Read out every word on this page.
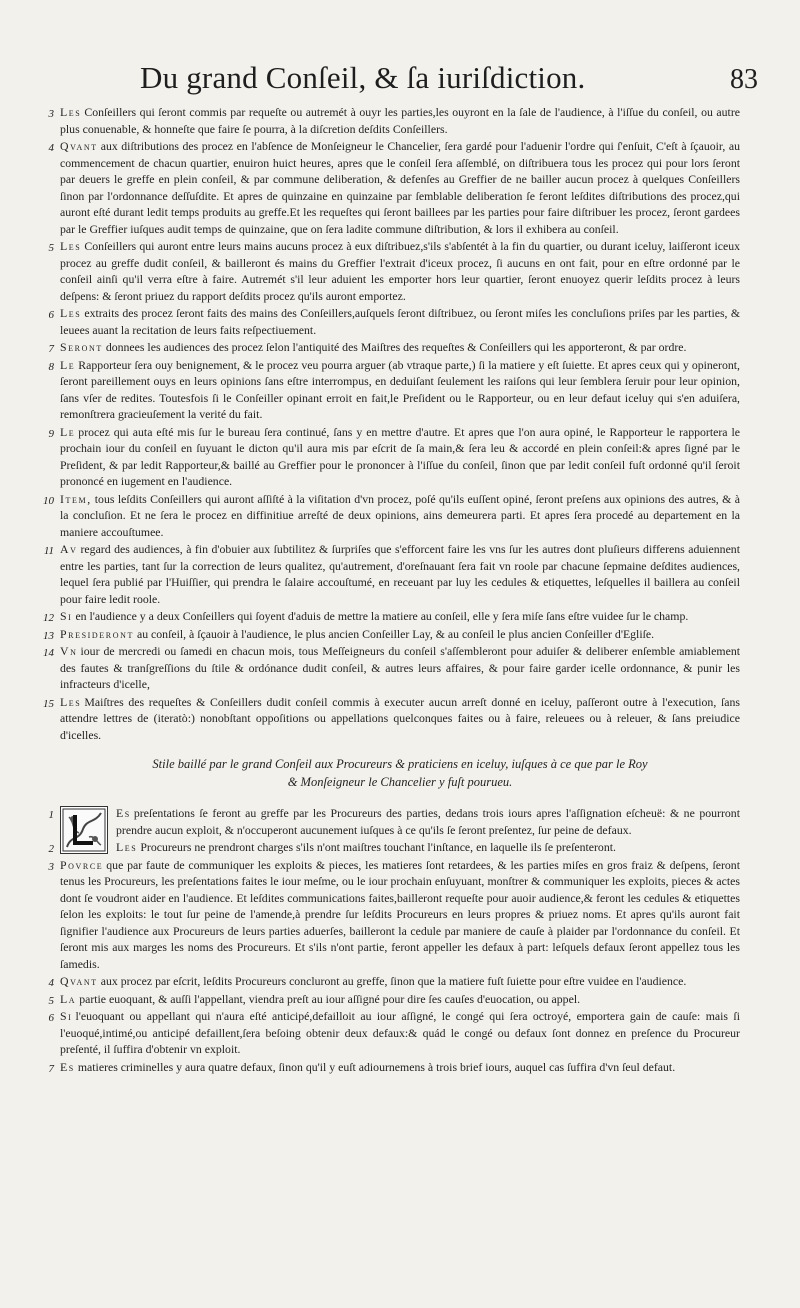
Du grand Conſeil, & ſa iuriſdiction.	83
3 Les Conſeillers qui ſeront commis par requeſte ou autremét à ouyr les parties,les ouyront en la ſale de l'audience, à l'iſſue du conſeil, ou autre plus conuenable, & honneſte que faire ſe pourra, à la diſcretion deſdits Conſeillers.
4 Qvant aux diſtributions des procez en l'abſence de Monſeigneur le Chancelier, ſera gardé pour l'aduenir l'ordre qui ſ'enſuit, C'eſt à ſçauoir, au commencement de chacun quartier, enuiron huict heures, apres que le conſeil ſera aſſemblé, on diſtribuera tous les procez qui pour lors ſeront par deuers le greffe en plein conſeil, & par commune deliberation, & defenſes au Greffier de ne bailler aucun procez à quelques Conſeillers ſinon par l'ordonnance deſſuſdite. Et apres de quinzaine en quinzaine par ſemblable deliberation ſe feront leſdites diſtributions des procez,qui auront eſté durant ledit temps produits au greffe.Et les requeſtes qui ſeront baillees par les parties pour faire diſtribuer les procez, ſeront gardees par le Greffier iuſques audit temps de quinzaine, que on ſera ladite commune diſtribution, & lors il exhibera au conſeil.
5 Les Conſeillers qui auront entre leurs mains aucuns procez à eux diſtribuez,s'ils s'abſentét à la fin du quartier, ou durant iceluy, laiſſeront iceux procez au greffe dudit conſeil, & bailleront és mains du Greffier l'extrait d'iceux procez, ſi aucuns en ont fait, pour en eſtre ordonné par le conſeil ainſi qu'il verra eſtre à faire. Autremét s'il leur aduient les emporter hors leur quartier, ſeront enuoyez querir leſdits procez à leurs deſpens: & ſeront priuez du rapport deſdits procez qu'ils auront emportez.
6 Les extraits des procez ſeront faits des mains des Conſeillers,auſquels ſeront diſtribuez, ou ſeront miſes les concluſions priſes par les parties, & leuees auant la recitation de leurs faits reſpectiuement.
7 Seront donnees les audiences des procez ſelon l'antiquité des Maiſtres des requeſtes & Conſeillers qui les apporteront, & par ordre.
8 Le Rapporteur ſera ouy benignement, & le procez veu pourra arguer (ab vtraque parte,) ſi la matiere y eſt ſuiette. Et apres ceux qui y opineront, ſeront pareillement ouys en leurs opinions ſans eſtre interrompus, en deduiſant ſeulement les raiſons qui leur ſemblera ſeruir pour leur opinion, ſans vſer de redites. Toutesfois ſi le Conſeiller opinant erroit en fait,le Preſident ou le Rapporteur, ou en leur defaut iceluy qui s'en aduiſera, remonſtrera gracieuſement la verité du fait.
9 Le procez qui auta eſté mis ſur le bureau ſera continué, ſans y en mettre d'autre. Et apres que l'on aura opiné, le Rapporteur le rapportera le prochain iour du conſeil en ſuyuant le dicton qu'il aura mis par eſcrit de ſa main,& ſera leu & accordé en plein conſeil:& apres ſigné par le Preſident, & par ledit Rapporteur,& baillé au Greffier pour le prononcer à l'iſſue du conſeil, ſinon que par ledit conſeil fuſt ordonné qu'il ſeroit prononcé en iugement en l'audience.
10 Item, tous leſdits Conſeillers qui auront aſſiſté à la viſitation d'vn procez, poſé qu'ils euſſent opiné, ſeront preſens aux opinions des autres, & à la concluſion. Et ne ſera le procez en diffinitiue arreſté de deux opinions, ains demeurera parti. Et apres ſera procedé au departement en la maniere accouſtumee.
11 Av regard des audiences, à fin d'obuier aux ſubtilitez & ſurpriſes que s'efforcent faire les vns ſur les autres dont pluſieurs differens aduiennent entre les parties, tant ſur la correction de leurs qualitez, qu'autrement, d'oreſnauant ſera fait vn roole par chacune ſepmaine deſdites audiences, lequel ſera publié par l'Huiſſier, qui prendra le ſalaire accouſtumé, en receuant par luy les cedules & etiquettes, leſquelles il baillera au conſeil pour faire ledit roole.
12 Si en l'audience y a deux Conſeillers qui ſoyent d'aduis de mettre la matiere au conſeil, elle y ſera miſe ſans eſtre vuidee ſur le champ.
13 Presideront au conſeil, à ſçauoir à l'audience, le plus ancien Conſeiller Lay, & au conſeil le plus ancien Conſeiller d'Egliſe.
14 Vn iour de mercredi ou ſamedi en chacun mois, tous Meſſeigneurs du conſeil s'aſſembleront pour aduiſer & deliberer enſemble amiablement des fautes & tranſgreſſions du ſtile & ordónance dudit conſeil, & autres leurs affaires, & pour faire garder icelle ordonnance, & punir les infracteurs d'icelle,
15 Les Maiſtres des requeſtes & Conſeillers dudit conſeil commis à executer aucun arreſt donné en iceluy, paſſeront outre à l'execution, ſans attendre lettres de (iteratò:) nonobſtant oppoſitions ou appellations quelconques faites ou à faire, releuees ou à releuer, & ſans preiudice d'icelles.
Stile baillé par le grand Conſeil aux Procureurs & praticiens en iceluy, iuſques à ce que par le Roy
& Monſeigneur le Chancelier y fuſt pourueu.
1	Es preſentations ſe feront au greffe par les Procureurs des parties, dedans trois iours apres l'aſſignation eſcheuë: & ne pourront prendre aucun exploit, & n'occuperont aucunement iuſques à ce qu'ils ſe ſeront preſentez, ſur peine de defaux.
2	Les Procureurs ne prendront charges s'ils n'ont maiſtres touchant l'inſtance, en laquelle ils ſe preſenteront.
3 Povrce que par faute de communiquer les exploits & pieces, les matieres ſont retardees, & les parties miſes en gros fraiz & deſpens, ſeront tenus les Procureurs, les preſentations faites le iour meſme, ou le iour prochain enſuyuant, monſtrer & communiquer les exploits, pieces & actes dont ſe voudront aider en l'audience. Et leſdites communications faites,bailleront requeſte pour auoir audience,& feront les cedules & etiquettes ſelon les exploits: le tout ſur peine de l'amende,à prendre ſur leſdits Procureurs en leurs propres & priuez noms. Et apres qu'ils auront fait ſignifier l'audience aux Procureurs de leurs parties aduerſes, bailleront la cedule par maniere de cauſe à plaider par l'ordonnance du conſeil. Et ſeront mis aux marges les noms des Procureurs. Et s'ils n'ont partie, feront appeller les defaux à part: leſquels defaux ſeront appellez tous les ſamedis.
4 Qvant aux procez par eſcrit, leſdits Procureurs concluront au greffe, ſinon que la matiere fuſt ſuiette pour eſtre vuidee en l'audience.
5 La partie euoquant, & auſſi l'appellant, viendra preſt au iour aſſigné pour dire ſes cauſes d'euocation, ou appel.
6 Si l'euoquant ou appellant qui n'aura eſté anticipé,defailloit au iour aſſigné, le congé qui ſera octroyé, emportera gain de cauſe: mais ſi l'euoqué,intimé,ou anticipé defaillent,ſera beſoing obtenir deux defaux:& quád le congé ou defaux ſont donnez en preſence du Procureur preſenté, il ſuffira d'obtenir vn exploit.
7 Es matieres criminelles y aura quatre defaux, ſinon qu'il y euſt adiournemens à trois brief iours, auquel cas ſuffira d'vn ſeul defaut.
